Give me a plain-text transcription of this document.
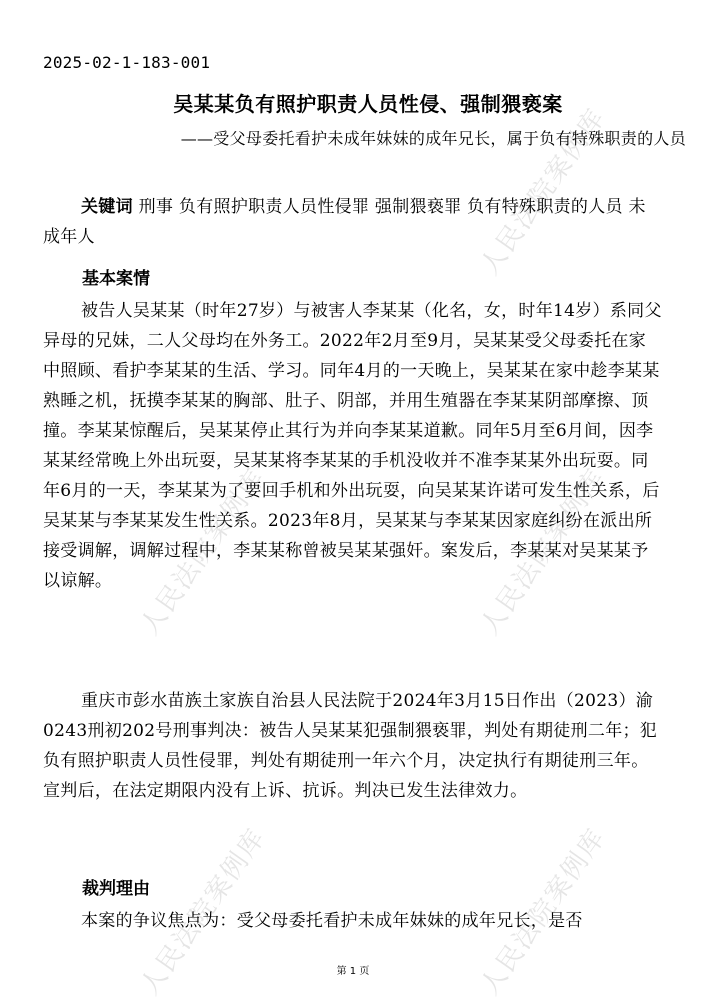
人民法院案例库
人民法院案例库	人民法院案例库
人民法院案例库	人民法院案例库
2025-02-1-183-001
吴某某负有照护职责人员性侵、强制猥亵案
——受父母委托看护未成年妹妹的成年兄长，属于负有特殊职责的人员
关键词 刑事 负有照护职责人员性侵罪 强制猥亵罪 负有特殊职责的人员 未成年人
基本案情
被告人吴某某（时年27岁）与被害人李某某（化名，女，时年14岁）系同父异母的兄妹，二人父母均在外务工。2022年2月至9月，吴某某受父母委托在家中照顾、看护李某某的生活、学习。同年4月的一天晚上，吴某某在家中趁李某某熟睡之机，抚摸李某某的胸部、肚子、阴部，并用生殖器在李某某阴部摩擦、顶撞。李某某惊醒后，吴某某停止其行为并向李某某道歉。同年5月至6月间，因李某某经常晚上外出玩耍，吴某某将李某某的手机没收并不准李某某外出玩耍。同年6月的一天，李某某为了要回手机和外出玩耍，向吴某某许诺可发生性关系，后吴某某与李某某发生性关系。2023年8月，吴某某与李某某因家庭纠纷在派出所接受调解，调解过程中，李某某称曾被吴某某强奸。案发后，李某某对吴某某予以谅解。
重庆市彭水苗族土家族自治县人民法院于2024年3月15日作出（2023）渝0243刑初202号刑事判决：被告人吴某某犯强制猥亵罪，判处有期徒刑二年；犯负有照护职责人员性侵罪，判处有期徒刑一年六个月，决定执行有期徒刑三年。宣判后，在法定期限内没有上诉、抗诉。判决已发生法律效力。
裁判理由
本案的争议焦点为：受父母委托看护未成年妹妹的成年兄长，是否
第 1 页
